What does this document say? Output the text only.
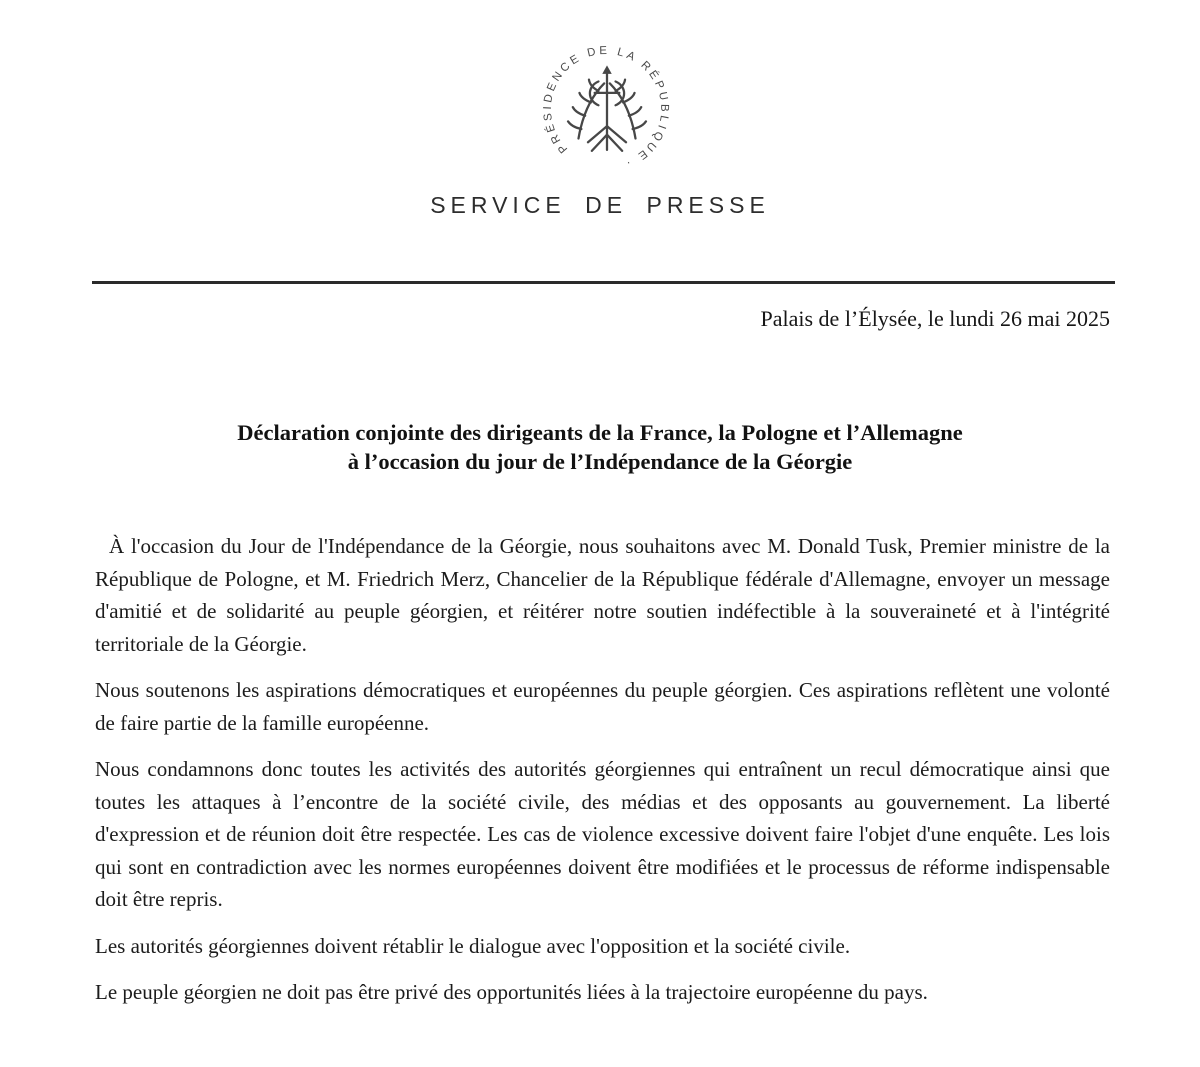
PRÉSIDENCE DE LA RÉPUBLIQUE ·
SERVICE DE PRESSE
Palais de l’Élysée, le lundi 26 mai 2025
Déclaration conjointe des dirigeants de la France, la Pologne et l’Allemagne
à l’occasion du jour de l’Indépendance de la Géorgie

À l'occasion du Jour de l'Indépendance de la Géorgie, nous souhaitons avec M. Donald Tusk, Premier ministre de la République de Pologne, et M. Friedrich Merz, Chancelier de la République fédérale d'Allemagne, envoyer un message d'amitié et de solidarité au peuple géorgien, et réitérer notre soutien indéfectible à la souveraineté et à l'intégrité territoriale de la Géorgie.

Nous soutenons les aspirations démocratiques et européennes du peuple géorgien. Ces aspirations reflètent une volonté de faire partie de la famille européenne.

Nous condamnons donc toutes les activités des autorités géorgiennes qui entraînent un recul démocratique ainsi que toutes les attaques à l’encontre de la société civile, des médias et des opposants au gouvernement. La liberté d'expression et de réunion doit être respectée. Les cas de violence excessive doivent faire l'objet d'une enquête. Les lois qui sont en contradiction avec les normes européennes doivent être modifiées et le processus de réforme indispensable doit être repris.

Les autorités géorgiennes doivent rétablir le dialogue avec l'opposition et la société civile.

Le peuple géorgien ne doit pas être privé des opportunités liées à la trajectoire européenne du pays.
